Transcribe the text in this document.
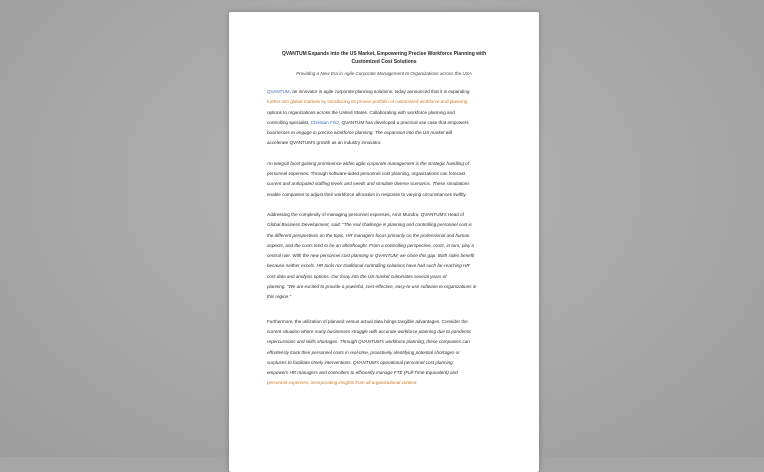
QVANTUM Expands into the US Market, Empowering Precise Workforce Planning with Customized Cost Solutions
Providing a New Era in Agile Corporate Management to Organizations across the USA

QVANTUM, an innovator in agile corporate planning solutions, today announced that it is expanding
further into global markets by introducing its proven portfolio of customized workforce and planning
options to organizations across the United States. Collaborating with workforce planning and
controlling specialist, Christian Fritz, QVANTUM has developed a practical use case that empowers
businesses to engage in precise workforce planning. The expansion into the US market will
accelerate QVANTUM's growth as an industry innovator.

An integral facet gaining prominence within agile corporate management is the strategic handling of
personnel expenses. Through software-aided personnel cost planning, organizations can forecast
current and anticipated staffing levels and needs and simulate diverse scenarios. These simulations
enable companies to adjust their workforce allocation in response to varying circumstances swiftly.

Addressing the complexity of managing personnel expenses, Amir Mundra, QVANTUM's Head of
Global Business Development, said: "The real challenge in planning and controlling personnel cost is
the different perspectives on the topic. HR managers focus primarily on the professional and human
aspects, and the costs tend to be an afterthought. From a controlling perspective, costs, in turn, play a
central role. With the new personnel cost planning in QVANTUM, we close this gap. Both sides benefit
because neither excels. HR tools nor traditional controlling solutions have had such far-reaching HR
cost data and analysis options. Our foray into the US market culminates several years of
planning. "We are excited to provide a powerful, cost-effective, easy-to-use software to organizations in
this region."

Furthermore, the utilization of planned versus actual data brings tangible advantages. Consider the
current situation where many businesses struggle with accurate workforce planning due to pandemic
repercussions and skills shortages. Through QVANTUM's workforce planning, these companies can
effortlessly track their personnel costs in real-time, proactively identifying potential shortages or
surpluses to facilitate timely interventions. QVANTUM's operational personnel cost planning
empowers HR managers and controllers to efficiently manage FTE (Full-Time Equivalent) and
personnel expenses, incorporating insights from all organizational context.
